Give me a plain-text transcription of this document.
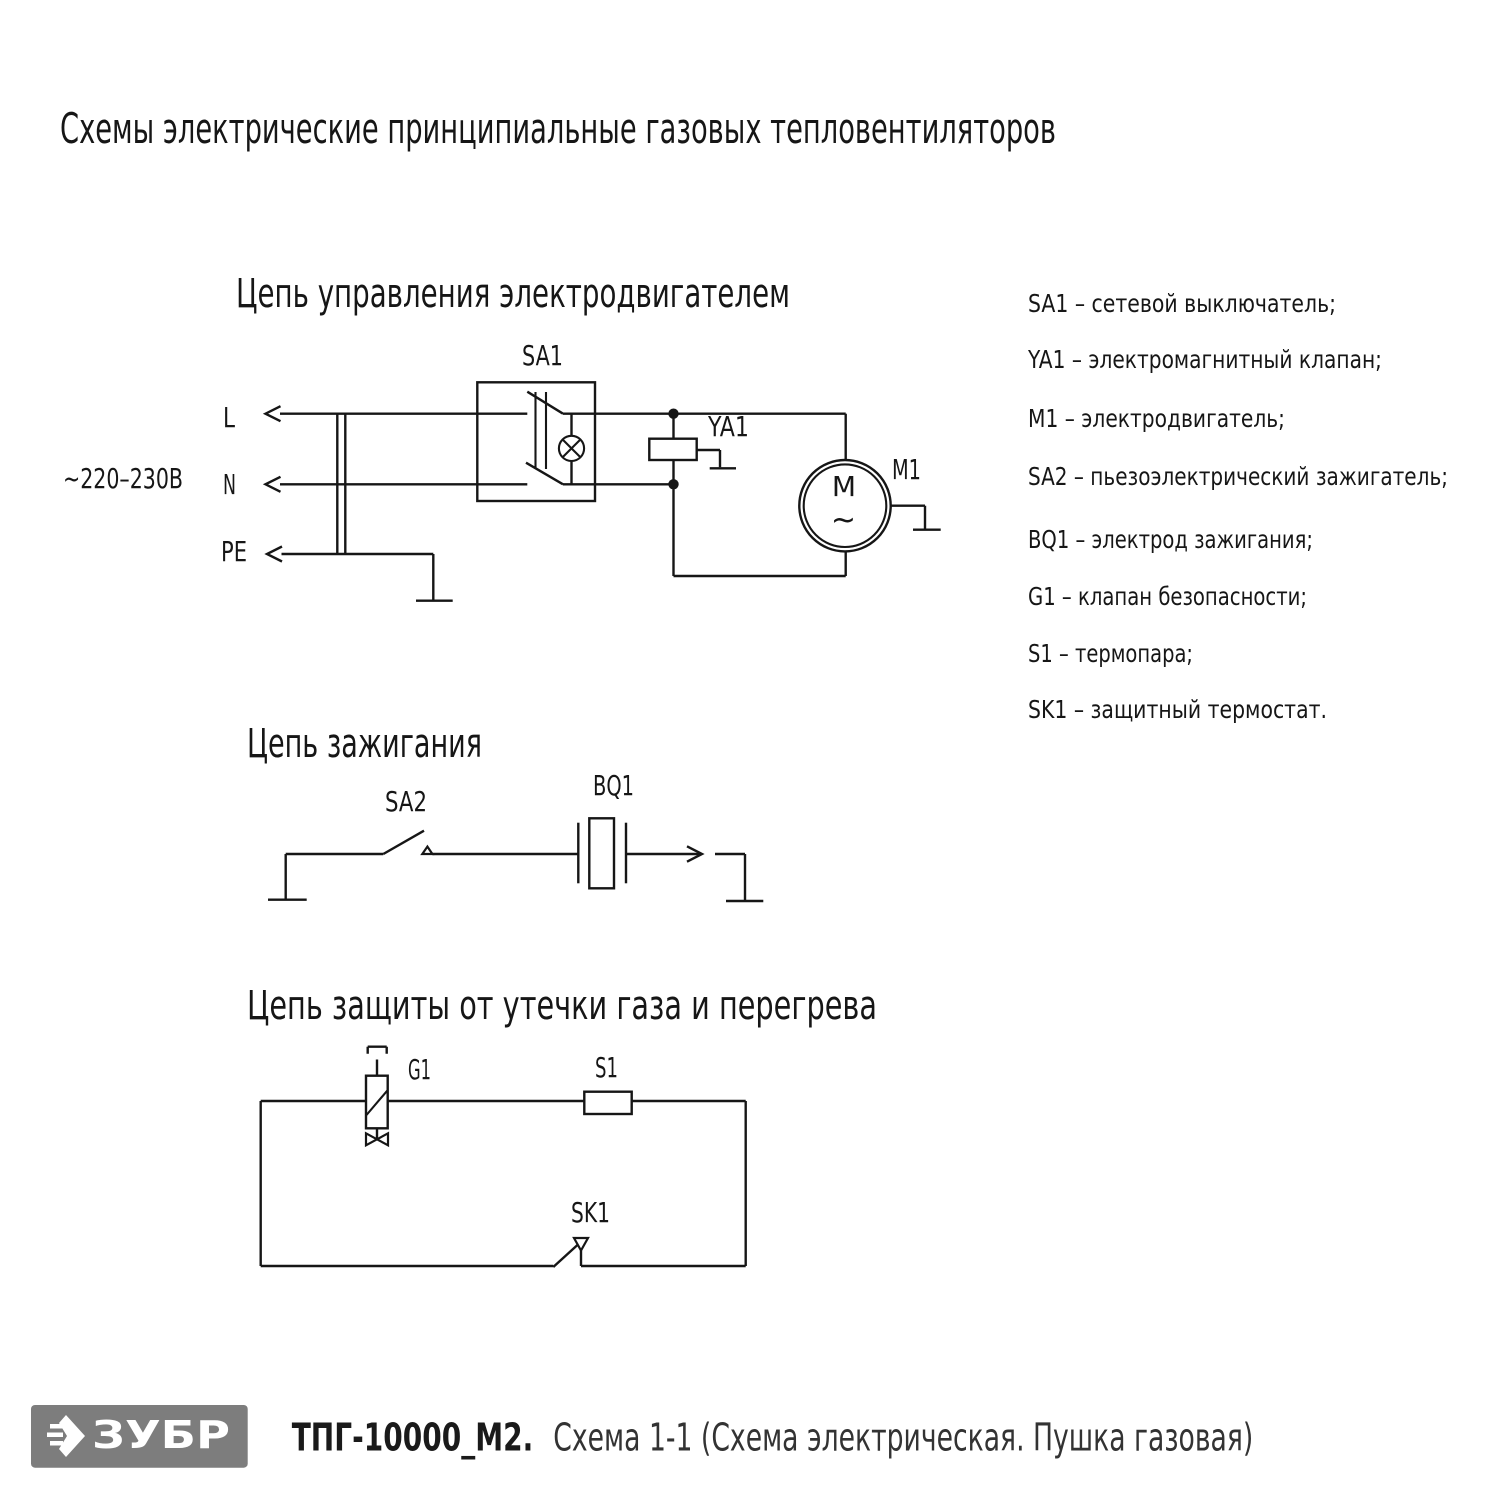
Схемы электрические принципиальные газовых тепловентиляторов
Цепь управления электродвигателем
~220–230В
L
N
PE
SA1
YA1
M1
M
~
SA1 – сетевой выключатель;
YA1 – электромагнитный клапан;
M1 – электродвигатель;
SA2 – пьезоэлектрический зажигатель;
BQ1 – электрод зажигания;
G1 – клапан безопасности;
S1 – термопара;
SK1 – защитный термостат.
Цепь зажигания
SA2	BQ1
Цепь защиты от утечки газа и перегрева
G1	S1
SK1
ЗУБР ТПГ-10000_М2. Схема 1-1 (Схема электрическая. Пушка газовая)
